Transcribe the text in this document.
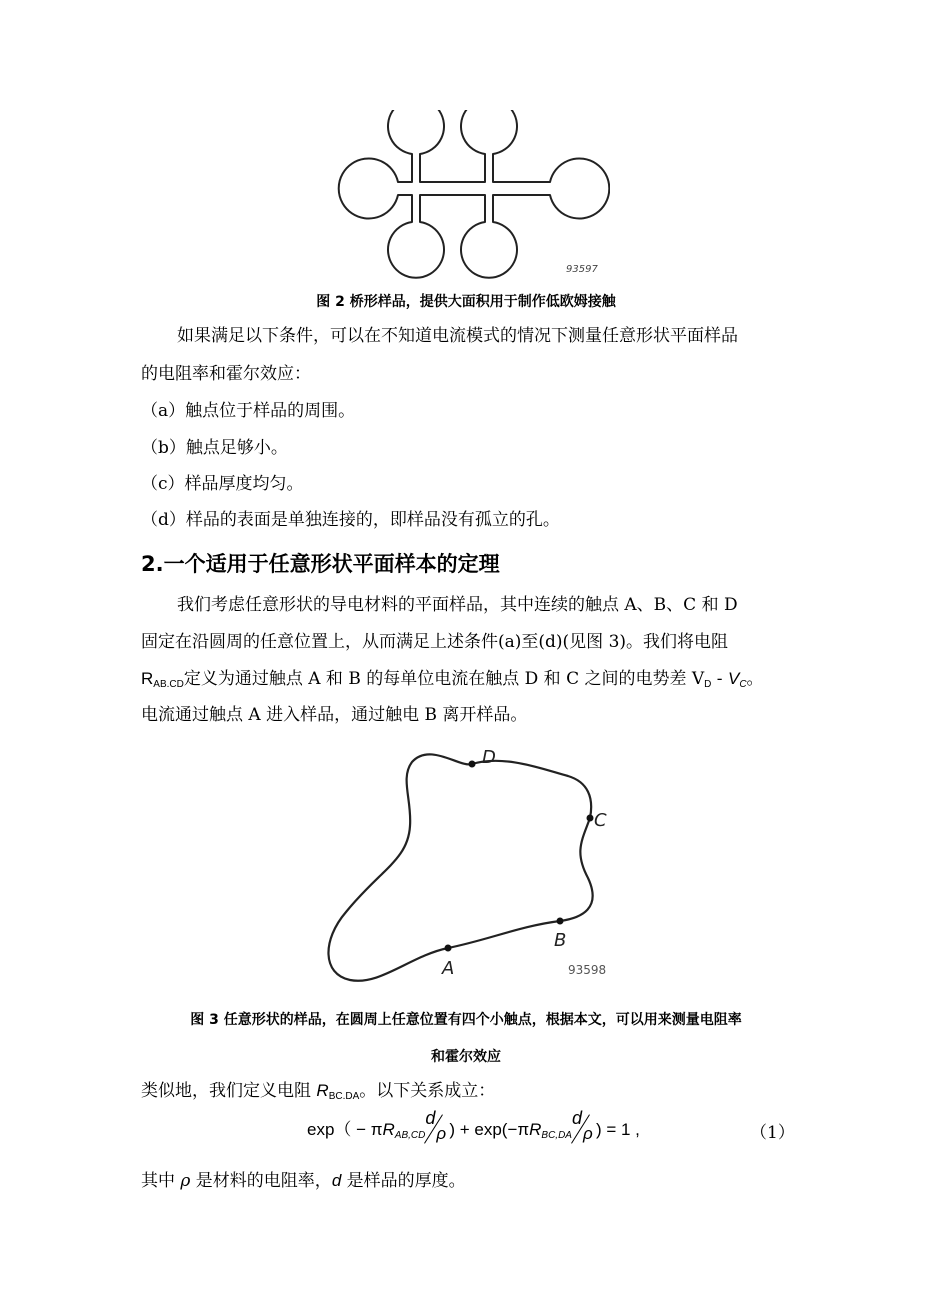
93597
图 2 桥形样品，提供大面积用于制作低欧姆接触
如果满足以下条件，可以在不知道电流模式的情况下测量任意形状平面样品
的电阻率和霍尔效应：
（a）触点位于样品的周围。
（b）触点足够小。
（c）样品厚度均匀。
（d）样品的表面是单独连接的，即样品没有孤立的孔。
2.一个适用于任意形状平面样本的定理
我们考虑任意形状的导电材料的平面样品，其中连续的触点 A、B、C 和 D
固定在沿圆周的任意位置上，从而满足上述条件(a)至(d)(见图 3)。我们将电阻
$R_{AB.CD}$定义为通过触点 A 和 B 的每单位电流在触点 D 和 C 之间的电势差 $V_D - V_C$。
电流通过触点 A 进入样品，通过触电 B 离开样品。
D
C
B
A	93598
图 3 任意形状的样品，在圆周上任意位置有四个小触点，根据本文，可以用来测量电阻率
和霍尔效应
类似地，我们定义电阻 $R_{BC.DA}$。以下关系成立：
$\exp( - \pi R_{AB,CD}$
d
ρ ) + $\exp(-\pi R_{BC,DA}$
d
ρ ) = 1 ,	（1）
其中 ρ 是材料的电阻率，d 是样品的厚度。
